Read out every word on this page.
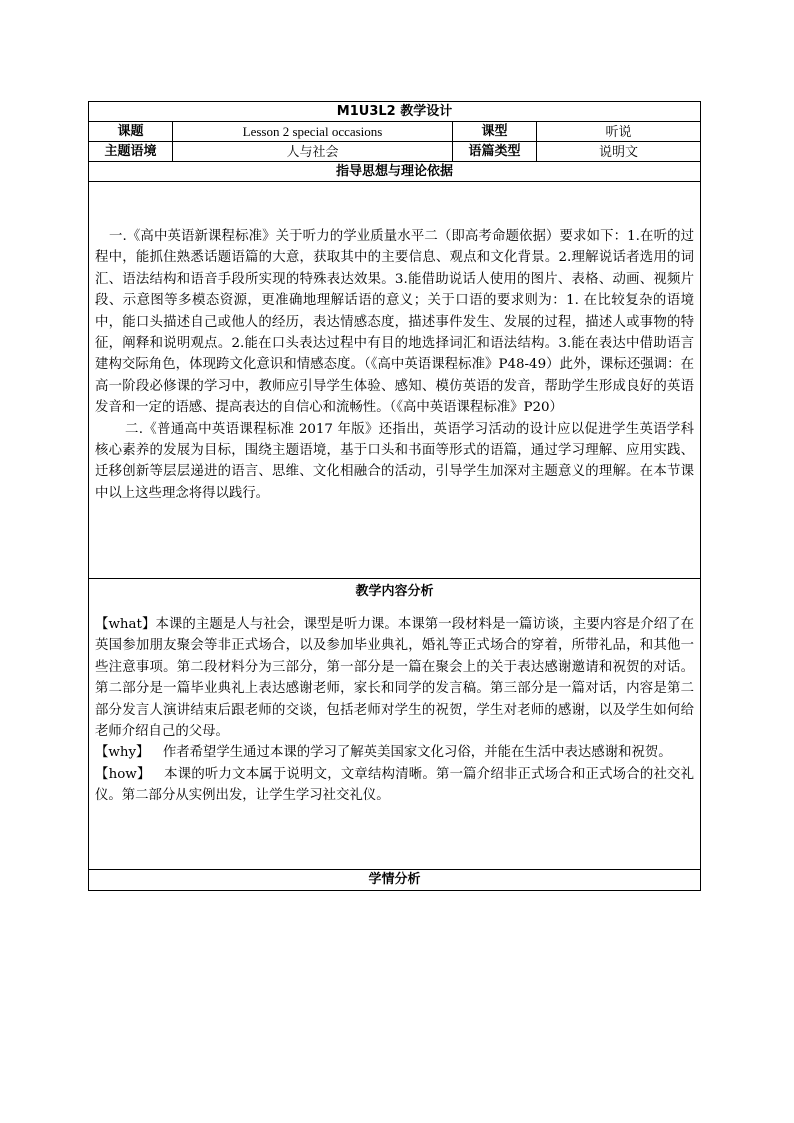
M1U3L2 教学设计			
课题	Lesson 2 special occasions	课型	听说
主题语境	人与社会	语篇类型	说明文
指导思想与理论依据			

一.《高中英语新课程标准》关于听力的学业质量水平二（即高考命题依据）要求如下：1.在听的过程中，能抓住熟悉话题语篇的大意，获取其中的主要信息、观点和文化背景。2.理解说话者选用的词汇、语法结构和语音手段所实现的特殊表达效果。3.能借助说话人使用的图片、表格、动画、视频片段、示意图等多模态资源，更准确地理解话语的意义；关于口语的要求则为：1. 在比较复杂的语境中，能口头描述自己或他人的经历，表达情感态度，描述事件发生、发展的过程，描述人或事物的特征，阐释和说明观点。2.能在口头表达过程中有目的地选择词汇和语法结构。3.能在表达中借助语言建构交际角色，体现跨文化意识和情感态度。（《高中英语课程标准》P48-49）此外，课标还强调：在高一阶段必修课的学习中，教师应引导学生体验、感知、模仿英语的发音，帮助学生形成良好的英语发音和一定的语感、提高表达的自信心和流畅性。（《高中英语课程标准》P20）

二.《普通高中英语课程标准 2017 年版》还指出，英语学习活动的设计应以促进学生英语学科核心素养的发展为目标，围绕主题语境，基于口头和书面等形式的语篇，通过学习理解、应用实践、迁移创新等层层递进的语言、思维、文化相融合的活动，引导学生加深对主题意义的理解。在本节课中以上这些理念将得以践行。			

教学内容分析

【what】本课的主题是人与社会，课型是听力课。本课第一段材料是一篇访谈，主要内容是介绍了在英国参加朋友聚会等非正式场合，以及参加毕业典礼，婚礼等正式场合的穿着，所带礼品，和其他一些注意事项。第二段材料分为三部分，第一部分是一篇在聚会上的关于表达感谢邀请和祝贺的对话。第二部分是一篇毕业典礼上表达感谢老师，家长和同学的发言稿。第三部分是一篇对话，内容是第二部分发言人演讲结束后跟老师的交谈，包括老师对学生的祝贺，学生对老师的感谢，以及学生如何给老师介绍自己的父母。

【why】  作者希望学生通过本课的学习了解英美国家文化习俗，并能在生活中表达感谢和祝贺。

【how】  本课的听力文本属于说明文，文章结构清晰。第一篇介绍非正式场合和正式场合的社交礼仪。第二部分从实例出发，让学生学习社交礼仪。			

学情分析			
